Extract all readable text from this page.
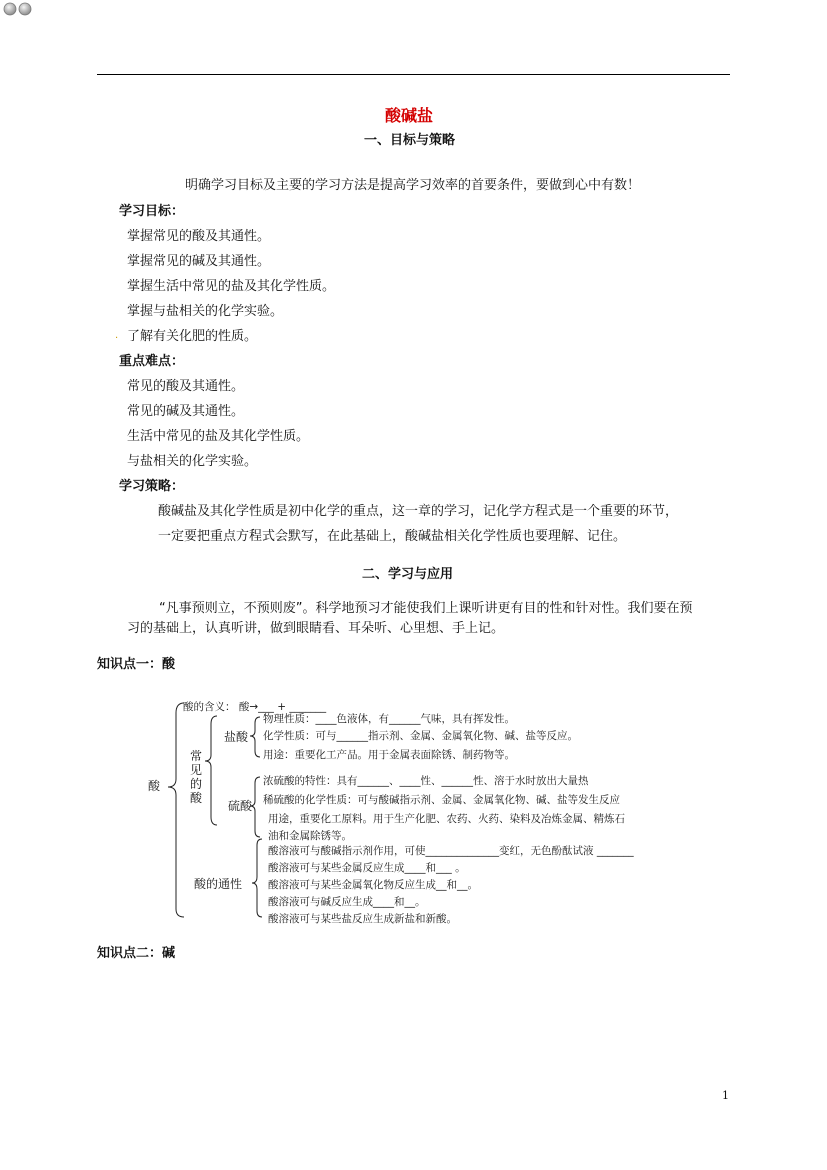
酸碱盐
一、目标与策略
明确学习目标及主要的学习方法是提高学习效率的首要条件，要做到心中有数！
学习目标：
掌握常见的酸及其通性。
掌握常见的碱及其通性。
掌握生活中常见的盐及其化学性质。
掌握与盐相关的化学实验。
. 了解有关化肥的性质。
重点难点：
常见的酸及其通性。
常见的碱及其通性。
生活中常见的盐及其化学性质。
与盐相关的化学实验。
学习策略：
酸碱盐及其化学性质是初中化学的重点，这一章的学习，记化学方程式是一个重要的环节，
一定要把重点方程式会默写，在此基础上，酸碱盐相关化学性质也要理解、记住。
二、学习与应用
“凡事预则立，不预则废”。科学地预习才能使我们上课听讲更有目的性和针对性。我们要在预
习的基础上，认真听讲，做到眼睛看、耳朵听、心里想、手上记。
知识点一：酸
酸
酸的含义： 酸→___ + _______
常见的酸
盐酸
物理性质：____色液体，有______气味，具有挥发性。
化学性质：可与______指示剂、金属、金属氧化物、碱、盐等反应。
用途：重要化工产品。用于金属表面除锈、制药物等。
硫酸
浓硫酸的特性：具有______、____性、______性、溶于水时放出大量热
稀硫酸的化学性质：可与酸碱指示剂、金属、金属氧化物、碱、盐等发生反应
用途，重要化工原料。用于生产化肥、农药、火药、染料及冶炼金属、精炼石
油和金属除锈等。
酸的通性
酸溶液可与酸碱指示剂作用，可使______________变红，无色酚酞试液 _______
酸溶液可与某些金属反应生成____和___ 。
酸溶液可与某些金属氧化物反应生成__和__。
酸溶液可与碱反应生成____和__。
酸溶液可与某些盐反应生成新盐和新酸。
知识点二：碱
1
